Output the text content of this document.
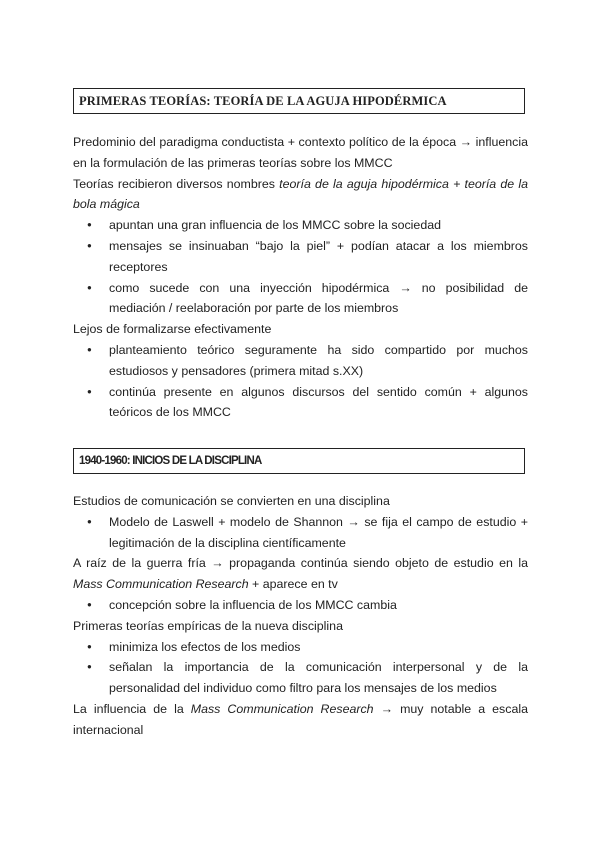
PRIMERAS TEORÍAS: TEORÍA DE LA AGUJA HIPODÉRMICA
Predominio del paradigma conductista + contexto político de la época → influencia en la formulación de las primeras teorías sobre los MMCC
Teorías recibieron diversos nombres teoría de la aguja hipodérmica + teoría de la bola mágica
● apuntan una gran influencia de los MMCC sobre la sociedad
● mensajes se insinuaban “bajo la piel” + podían atacar a los miembros receptores
● como sucede con una inyección hipodérmica → no posibilidad de mediación / reelaboración por parte de los miembros
Lejos de formalizarse efectivamente
● planteamiento teórico seguramente ha sido compartido por muchos estudiosos y pensadores (primera mitad s.XX)
● continúa presente en algunos discursos del sentido común + algunos teóricos de los MMCC
1940-1960: INICIOS DE LA DISCIPLINA
Estudios de comunicación se convierten en una disciplina
● Modelo de Laswell + modelo de Shannon → se fija el campo de estudio + legitimación de la disciplina científicamente
A raíz de la guerra fría → propaganda continúa siendo objeto de estudio en la Mass Communication Research + aparece en tv
● concepción sobre la influencia de los MMCC cambia
Primeras teorías empíricas de la nueva disciplina
● minimiza los efectos de los medios
● señalan la importancia de la comunicación interpersonal y de la personalidad del individuo como filtro para los mensajes de los medios
La influencia de la Mass Communication Research → muy notable a escala internacional
